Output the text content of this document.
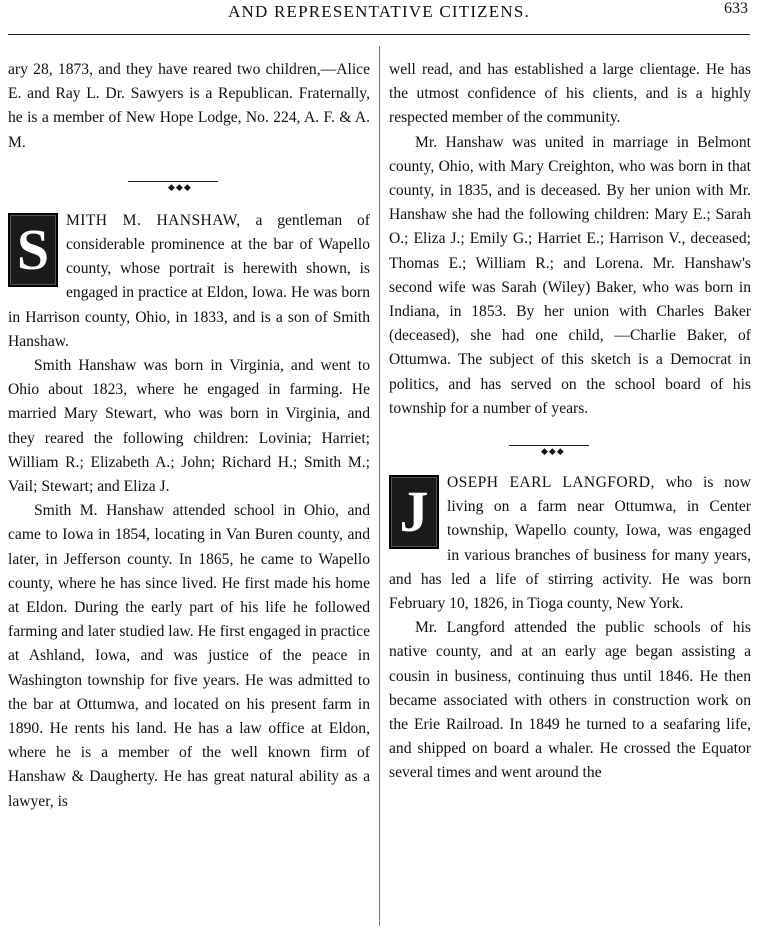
AND REPRESENTATIVE CITIZENS.	633

ary 28, 1873, and they have reared two children,—Alice E. and Ray L. Dr. Sawyers is a Republican. Fraternally, he is a member of New Hope Lodge, No. 224, A. F. & A. M.

◆◆◆

S	MITH M. HANSHAW, a gentleman of considerable prominence at the bar of Wapello county, whose portrait is herewith shown, is engaged in practice at Eldon, Iowa. He was born in Harrison county, Ohio, in 1833, and is a son of Smith Hanshaw.

Smith Hanshaw was born in Virginia, and went to Ohio about 1823, where he engaged in farming. He married Mary Stewart, who was born in Virginia, and they reared the following children: Lovinia; Harriet; William R.; Elizabeth A.; John; Richard H.; Smith M.; Vail; Stewart; and Eliza J.

Smith M. Hanshaw attended school in Ohio, and came to Iowa in 1854, locating in Van Buren county, and later, in Jefferson county. In 1865, he came to Wapello county, where he has since lived. He first made his home at Eldon. During the early part of his life he followed farming and later studied law. He first engaged in practice at Ashland, Iowa, and was justice of the peace in Washington township for five years. He was admitted to the bar at Ottumwa, and located on his present farm in 1890. He rents his land. He has a law office at Eldon, where he is a member of the well known firm of Hanshaw & Daugherty. He has great natural ability as a lawyer, is

well read, and has established a large clientage. He has the utmost confidence of his clients, and is a highly respected member of the community.

Mr. Hanshaw was united in marriage in Belmont county, Ohio, with Mary Creighton, who was born in that county, in 1835, and is deceased. By her union with Mr. Hanshaw she had the following children: Mary E.; Sarah O.; Eliza J.; Emily G.; Harriet E.; Harrison V., deceased; Thomas E.; William R.; and Lorena. Mr. Hanshaw's second wife was Sarah (Wiley) Baker, who was born in Indiana, in 1853. By her union with Charles Baker (deceased), she had one child, —Charlie Baker, of Ottumwa. The subject of this sketch is a Democrat in politics, and has served on the school board of his township for a number of years.

◆◆◆

J	OSEPH EARL LANGFORD, who is now living on a farm near Ottumwa, in Center township, Wapello county, Iowa, was engaged in various branches of business for many years, and has led a life of stirring activity. He was born February 10, 1826, in Tioga county, New York.

Mr. Langford attended the public schools of his native county, and at an early age began assisting a cousin in business, continuing thus until 1846. He then became associated with others in construction work on the Erie Railroad. In 1849 he turned to a seafaring life, and shipped on board a whaler. He crossed the Equator several times and went around the
